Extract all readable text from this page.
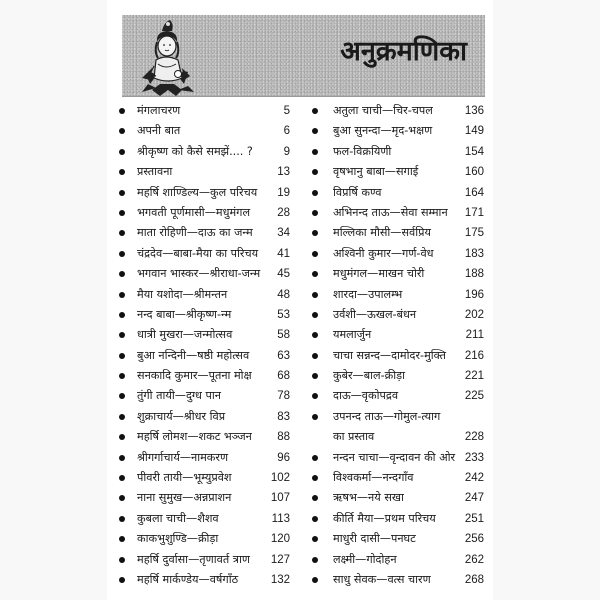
अनुक्रमणिका
मंगलाचरण	5
अपनी बात	6
श्रीकृष्ण को कैसे समझें.... ?	9
प्रस्तावना	13
महर्षि शाण्डिल्य—कुल परिचय 19
भगवती पूर्णमासी—मधुमंगल 28
माता रोहिणी—दाऊ का जन्म 34
चंद्रदेव—बाबा-मैया का परिचय 41
भगवान भास्कर—श्रीराधा-जन्म 45
मैया यशोदा—श्रीमन्तन	48
नन्द बाबा—श्रीकृष्ण-न्म	53
धात्री मुखरा—जन्मोत्सव	58
बुआ नन्दिनी—षष्ठी महोत्सव 63
सनकादि कुमार—पूतना मोक्ष 68
तुंगी तायी—दुग्ध पान	78
शुक्राचार्य—श्रीधर विप्र	83
महर्षि लोमश—शकट भञ्जन 88
श्रीगर्गाचार्य—नामकरण	96
पीवरी तायी—भूम्युप्रवेश	102
नाना सुमुख—अन्नप्राशन	107
कुबला चाची—शैशव	113
काकभुशुण्डि—क्रीड़ा	120
महर्षि दुर्वासा—तृणावर्त त्राण 127
महर्षि मार्कण्डेय—वर्षगाँठ	132
अतुला चाची—चिर-चपल	136
बुआ सुनन्दा—मृद-भक्षण	149
फल-विक्रयिणी	154
वृषभानु बाबा—सगाई	160
विप्रर्षि कण्व	164
अभिनन्द ताऊ—सेवा सम्मान 171
मल्लिका मौसी—सर्वप्रिय	175
अश्विनी कुमार—गर्ण-वेध	183
मधुमंगल—माखन चोरी	188
शारदा—उपालम्भ	196
उर्वशी—ऊखल-बंधन	202
यमलार्जुन	211
चाचा सन्नन्द—दामोदर-मुक्ति 216
कुबेर—बाल-क्रीड़ा	221
दाऊ—वृकोपद्रव	225
उपनन्द ताऊ—गोमुल-त्याग
का प्रस्ताव	228
नन्दन चाचा—वृन्दावन की ओर 233
विश्वकर्मा—नन्दगाँव	242
ऋषभ—नये सखा	247
कीर्ति मैया—प्रथम परिचय	251
माधुरी दासी—पनघट	256
लक्ष्मी—गोदोहन	262
साधु सेवक—वत्स चारण	268
